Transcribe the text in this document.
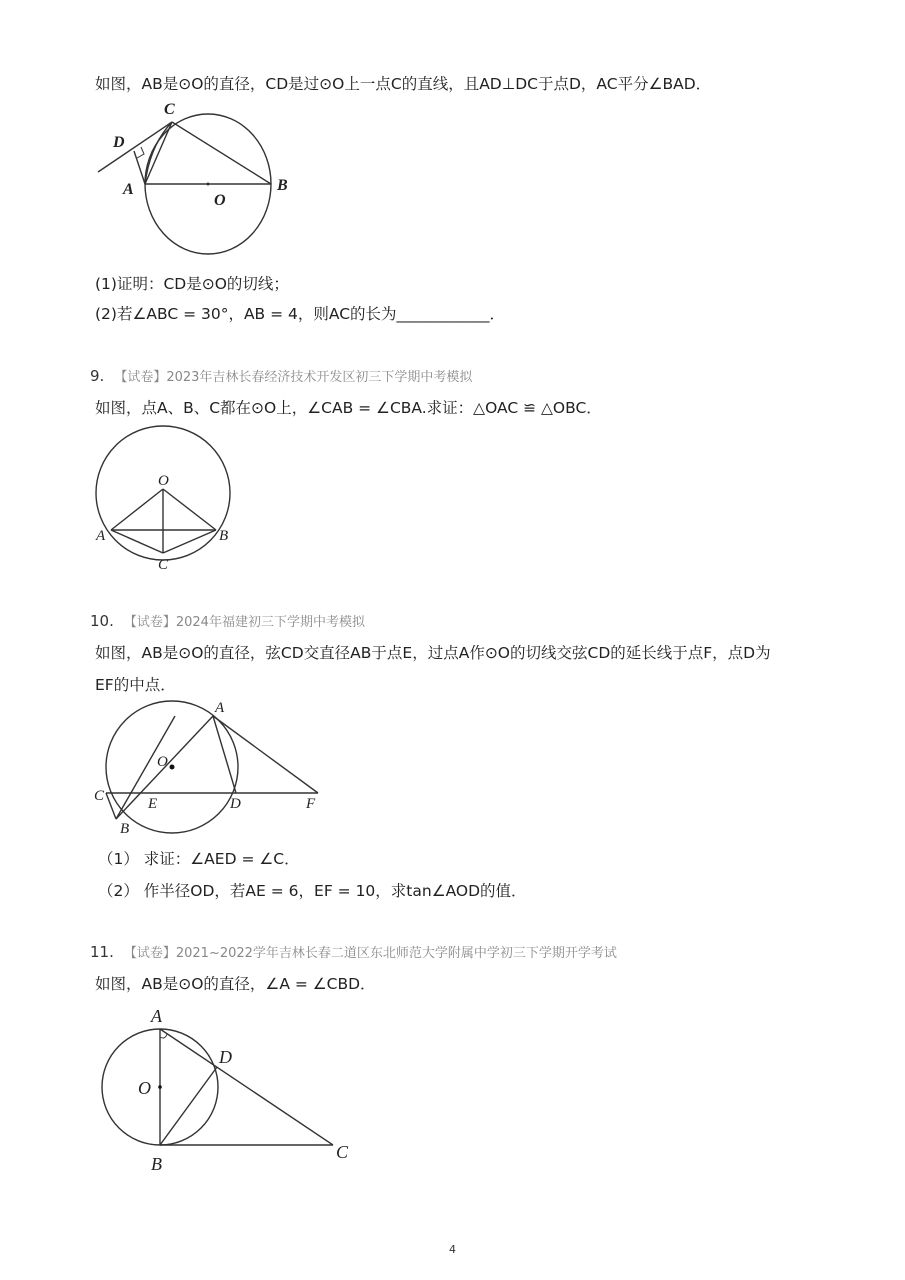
如图，AB是⊙O的直径，CD是过⊙O上一点C的直线，且AD⊥DC于点D，AC平分∠BAD．
C
D
A	B
O
(1)证明：CD是⊙O的切线；
(2)若∠ABC = 30°，AB = 4，则AC的长为____________．
9. 【试卷】2023年吉林长春经济技术开发区初三下学期中考模拟
如图，点A、B、C都在⊙O上，∠CAB = ∠CBA.求证：△OAC ≌ △OBC．
O
A	B
C
10. 【试卷】2024年福建初三下学期中考模拟
如图，AB是⊙O的直径，弦CD交直径AB于点E，过点A作⊙O的切线交弦CD的延长线于点F，点D为
EF的中点．
A
O
C	E	D	F
B
（1） 求证：∠AED = ∠C．
（2） 作半径OD，若AE = 6，EF = 10，求tan∠AOD的值．
11. 【试卷】2021~2022学年吉林长春二道区东北师范大学附属中学初三下学期开学考试
如图，AB是⊙O的直径，∠A = ∠CBD．
A
D
O
B
C
4
